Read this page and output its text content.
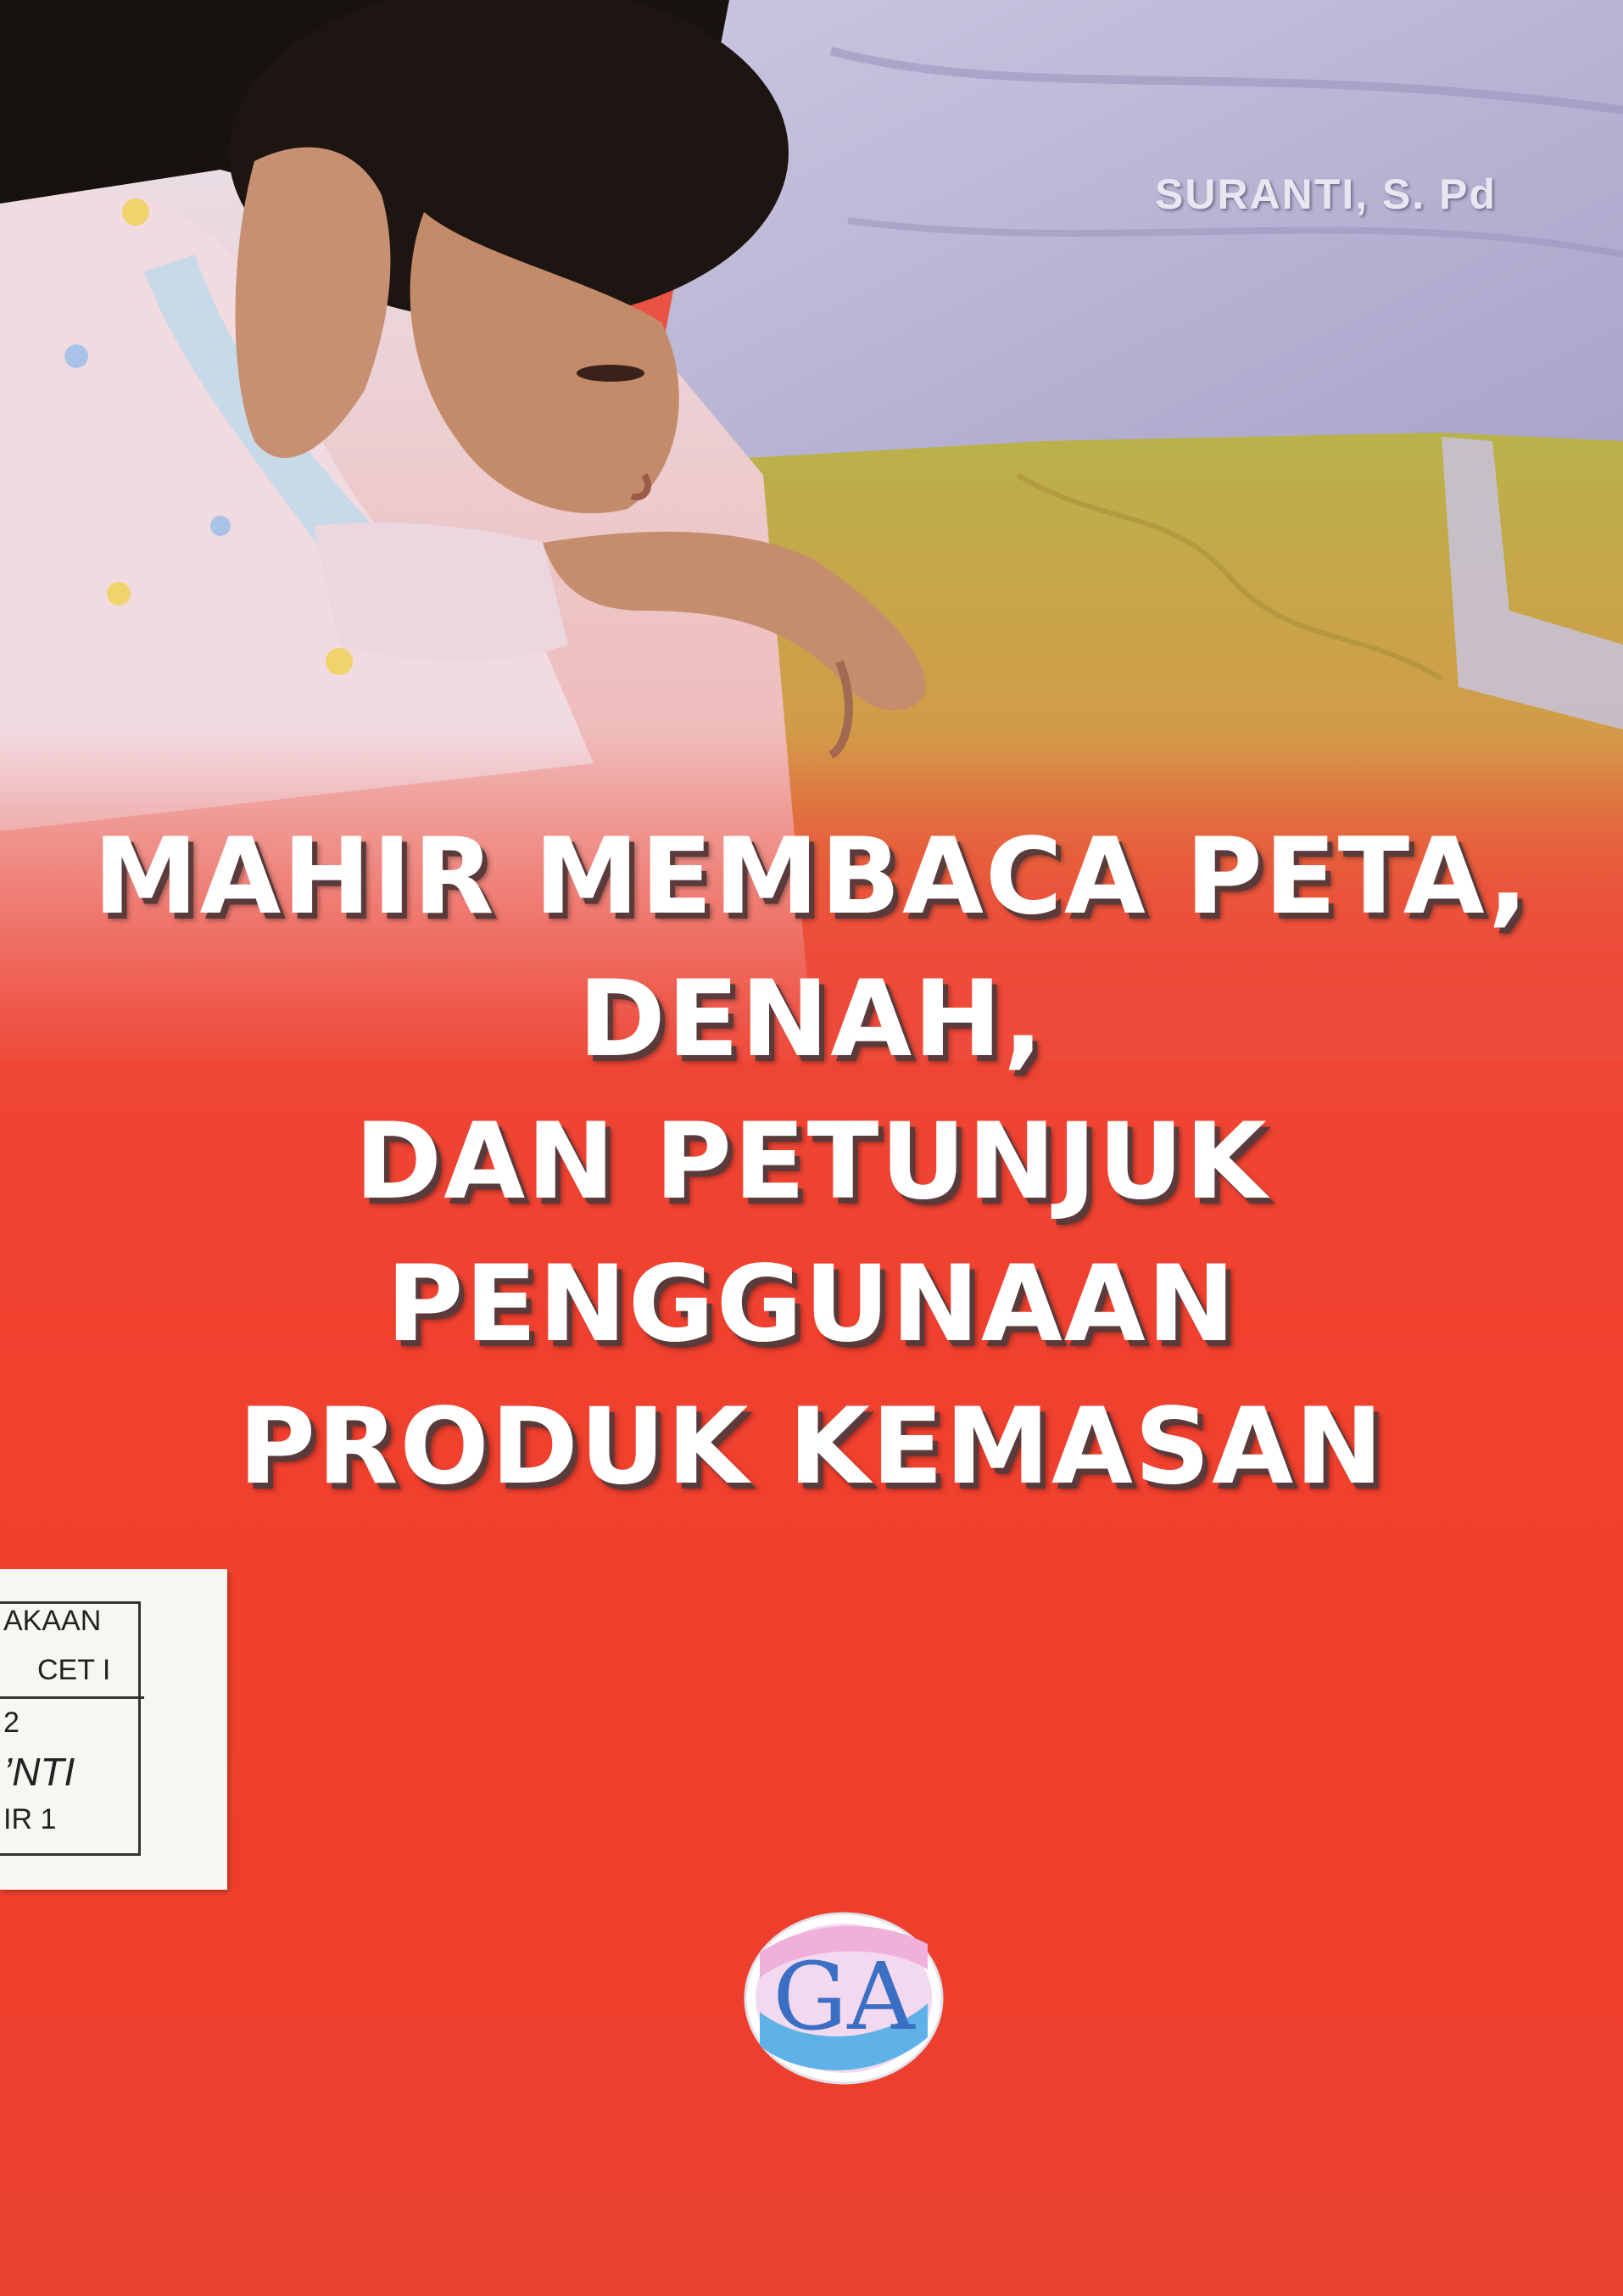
SURANTI, S. Pd
MAHIR MEMBACA PETA,
DENAH,
DAN PETUNJUK
PENGGUNAAN
PRODUK KEMASAN
AKAAN
CET I
2
’NTI
IR 1
GA
